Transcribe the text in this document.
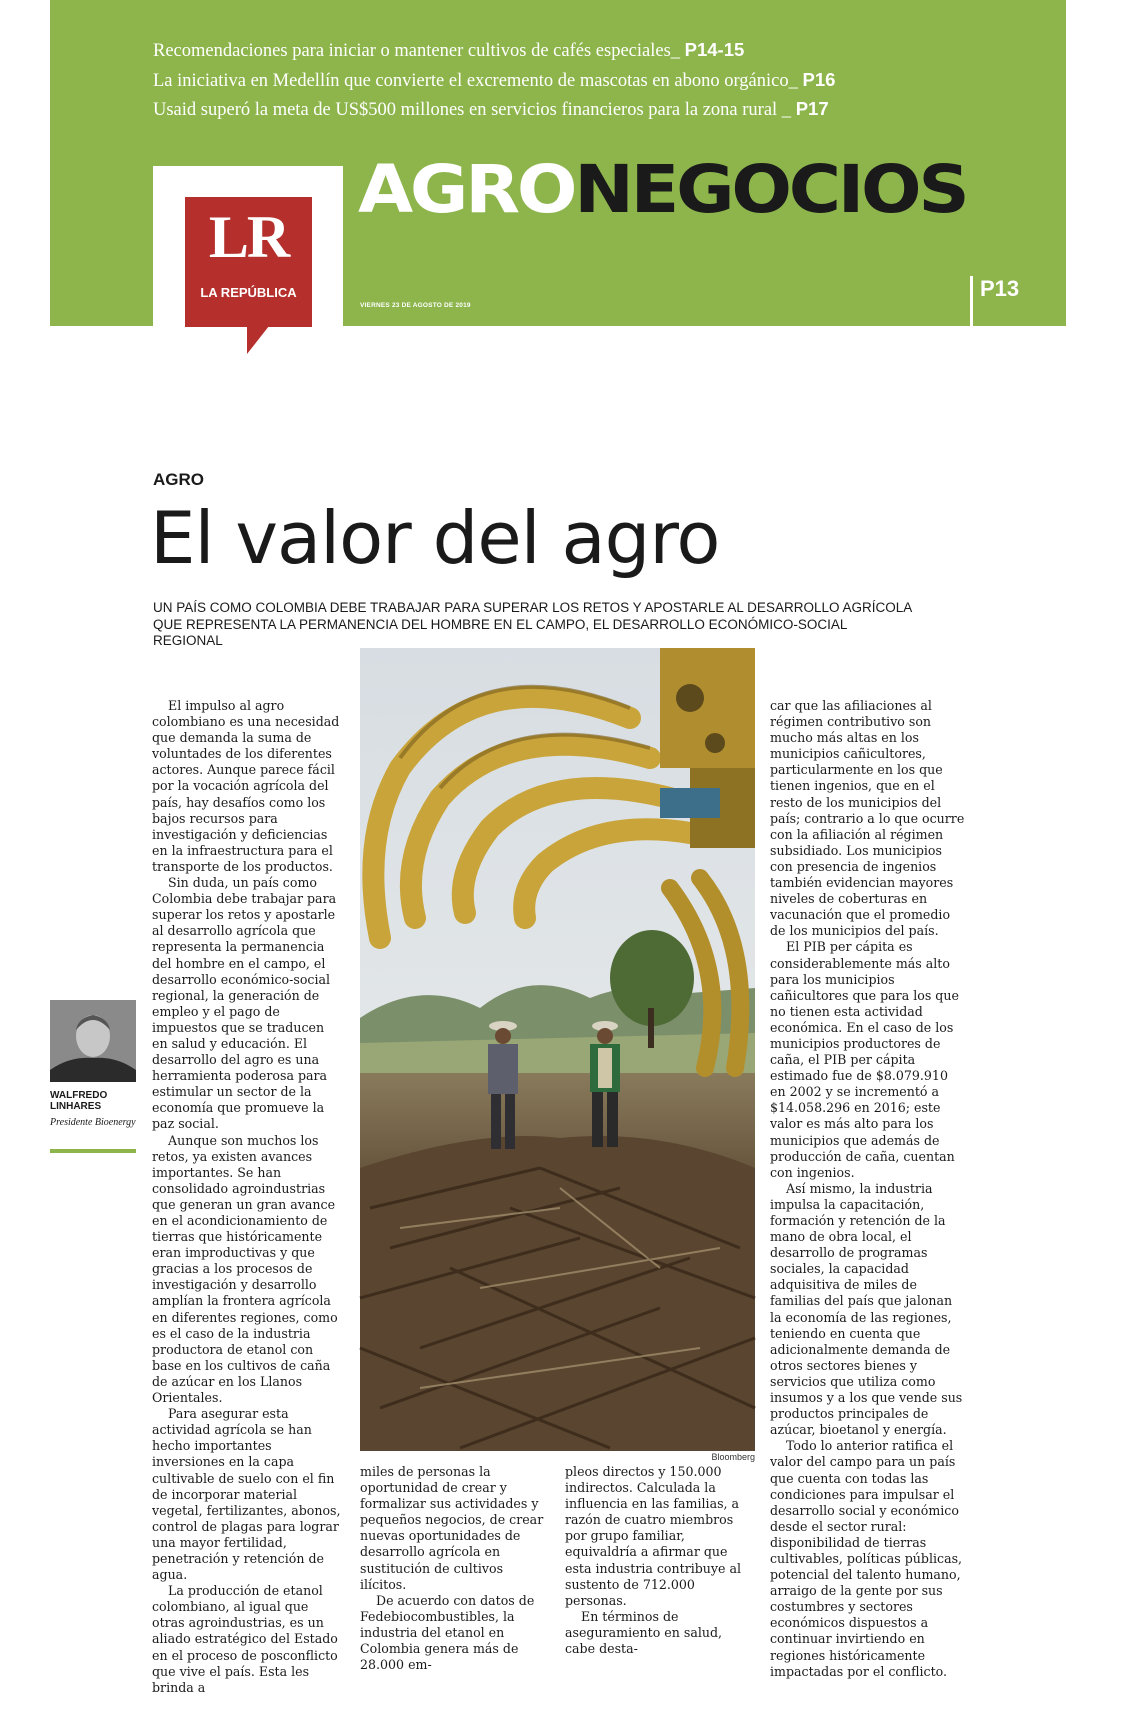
Recomendaciones para iniciar o mantener cultivos de cafés especiales_ P14-15
La iniciativa en Medellín que convierte el excremento de mascotas en abono orgánico_ P16
Usaid superó la meta de US$500 millones en servicios financieros para la zona rural _ P17
LR
LA REPÚBLICA
AGRONEGOCIOS
VIERNES 23 DE AGOSTO DE 2019
P13
AGRO
El valor del agro
UN PAÍS COMO COLOMBIA DEBE TRABAJAR PARA SUPERAR LOS RETOS Y APOSTARLE AL DESARROLLO AGRÍCOLA QUE REPRESENTA LA PERMANENCIA DEL HOMBRE EN EL CAMPO, EL DESARROLLO ECONÓMICO-SOCIAL REGIONAL

El impulso al agro colombiano es una necesidad que demanda la suma de voluntades de los diferentes actores. Aunque parece fácil por la vocación agrícola del país, hay desafíos como los bajos recursos para investigación y deficiencias en la infraestructura para el transporte de los productos.

Sin duda, un país como Colombia debe trabajar para superar los retos y apostarle al desarrollo agrícola que representa la permanencia del hombre en el campo, el desarrollo económico-social regional, la generación de empleo y el pago de impuestos que se traducen en salud y educación. El desarrollo del agro es una herramienta poderosa para estimular un sector de la economía que promueve la paz social.

Aunque son muchos los retos, ya existen avances importantes. Se han consolidado agroindustrias que generan un gran avance en el acondicionamiento de tierras que históricamente eran improductivas y que gracias a los procesos de investigación y desarrollo amplían la frontera agrícola en diferentes regiones, como es el caso de la industria productora de etanol con base en los cultivos de caña de azúcar en los Llanos Orientales.

Para asegurar esta actividad agrícola se han hecho importantes inversiones en la capa cultivable de suelo con el fin de incorporar material vegetal, fertilizantes, abonos, control de plagas para lograr una mayor fertilidad, penetración y retención de agua.

La producción de etanol colombiano, al igual que otras agroindustrias, es un aliado estratégico del Estado en el proceso de posconflicto que vive el país. Esta les brinda a

Bloomberg

miles de personas la oportunidad de crear y formalizar sus actividades y pequeños negocios, de crear nuevas oportunidades de desarrollo agrícola en sustitución de cultivos ilícitos.

De acuerdo con datos de Fedebiocombustibles, la industria del etanol en Colombia genera más de 28.000 em-

pleos directos y 150.000 indirectos. Calculada la influencia en las familias, a razón de cuatro miembros por grupo familiar, equivaldría a afirmar que esta industria contribuye al sustento de 712.000 personas.

En términos de aseguramiento en salud, cabe desta-

car que las afiliaciones al régimen contributivo son mucho más altas en los municipios cañicultores, particularmente en los que tienen ingenios, que en el resto de los municipios del país; contrario a lo que ocurre con la afiliación al régimen subsidiado. Los municipios con presencia de ingenios también evidencian mayores niveles de coberturas en vacunación que el promedio de los municipios del país.

El PIB per cápita es considerablemente más alto para los municipios cañicultores que para los que no tienen esta actividad económica. En el caso de los municipios productores de caña, el PIB per cápita estimado fue de $8.079.910 en 2002 y se incrementó a $14.058.296 en 2016; este valor es más alto para los municipios que además de producción de caña, cuentan con ingenios.

Así mismo, la industria impulsa la capacitación, formación y retención de la mano de obra local, el desarrollo de programas sociales, la capacidad adquisitiva de miles de familias del país que jalonan la economía de las regiones, teniendo en cuenta que adicionalmente demanda de otros sectores bienes y servicios que utiliza como insumos y a los que vende sus productos principales de azúcar, bioetanol y energía.

Todo lo anterior ratifica el valor del campo para un país que cuenta con todas las condiciones para impulsar el desarrollo social y económico desde el sector rural: disponibilidad de tierras cultivables, políticas públicas, potencial del talento humano, arraigo de la gente por sus costumbres y sectores económicos dispuestos a continuar invirtiendo en regiones históricamente impactadas por el conflicto.

WALFREDO LINHARES
Presidente Bioenergy
